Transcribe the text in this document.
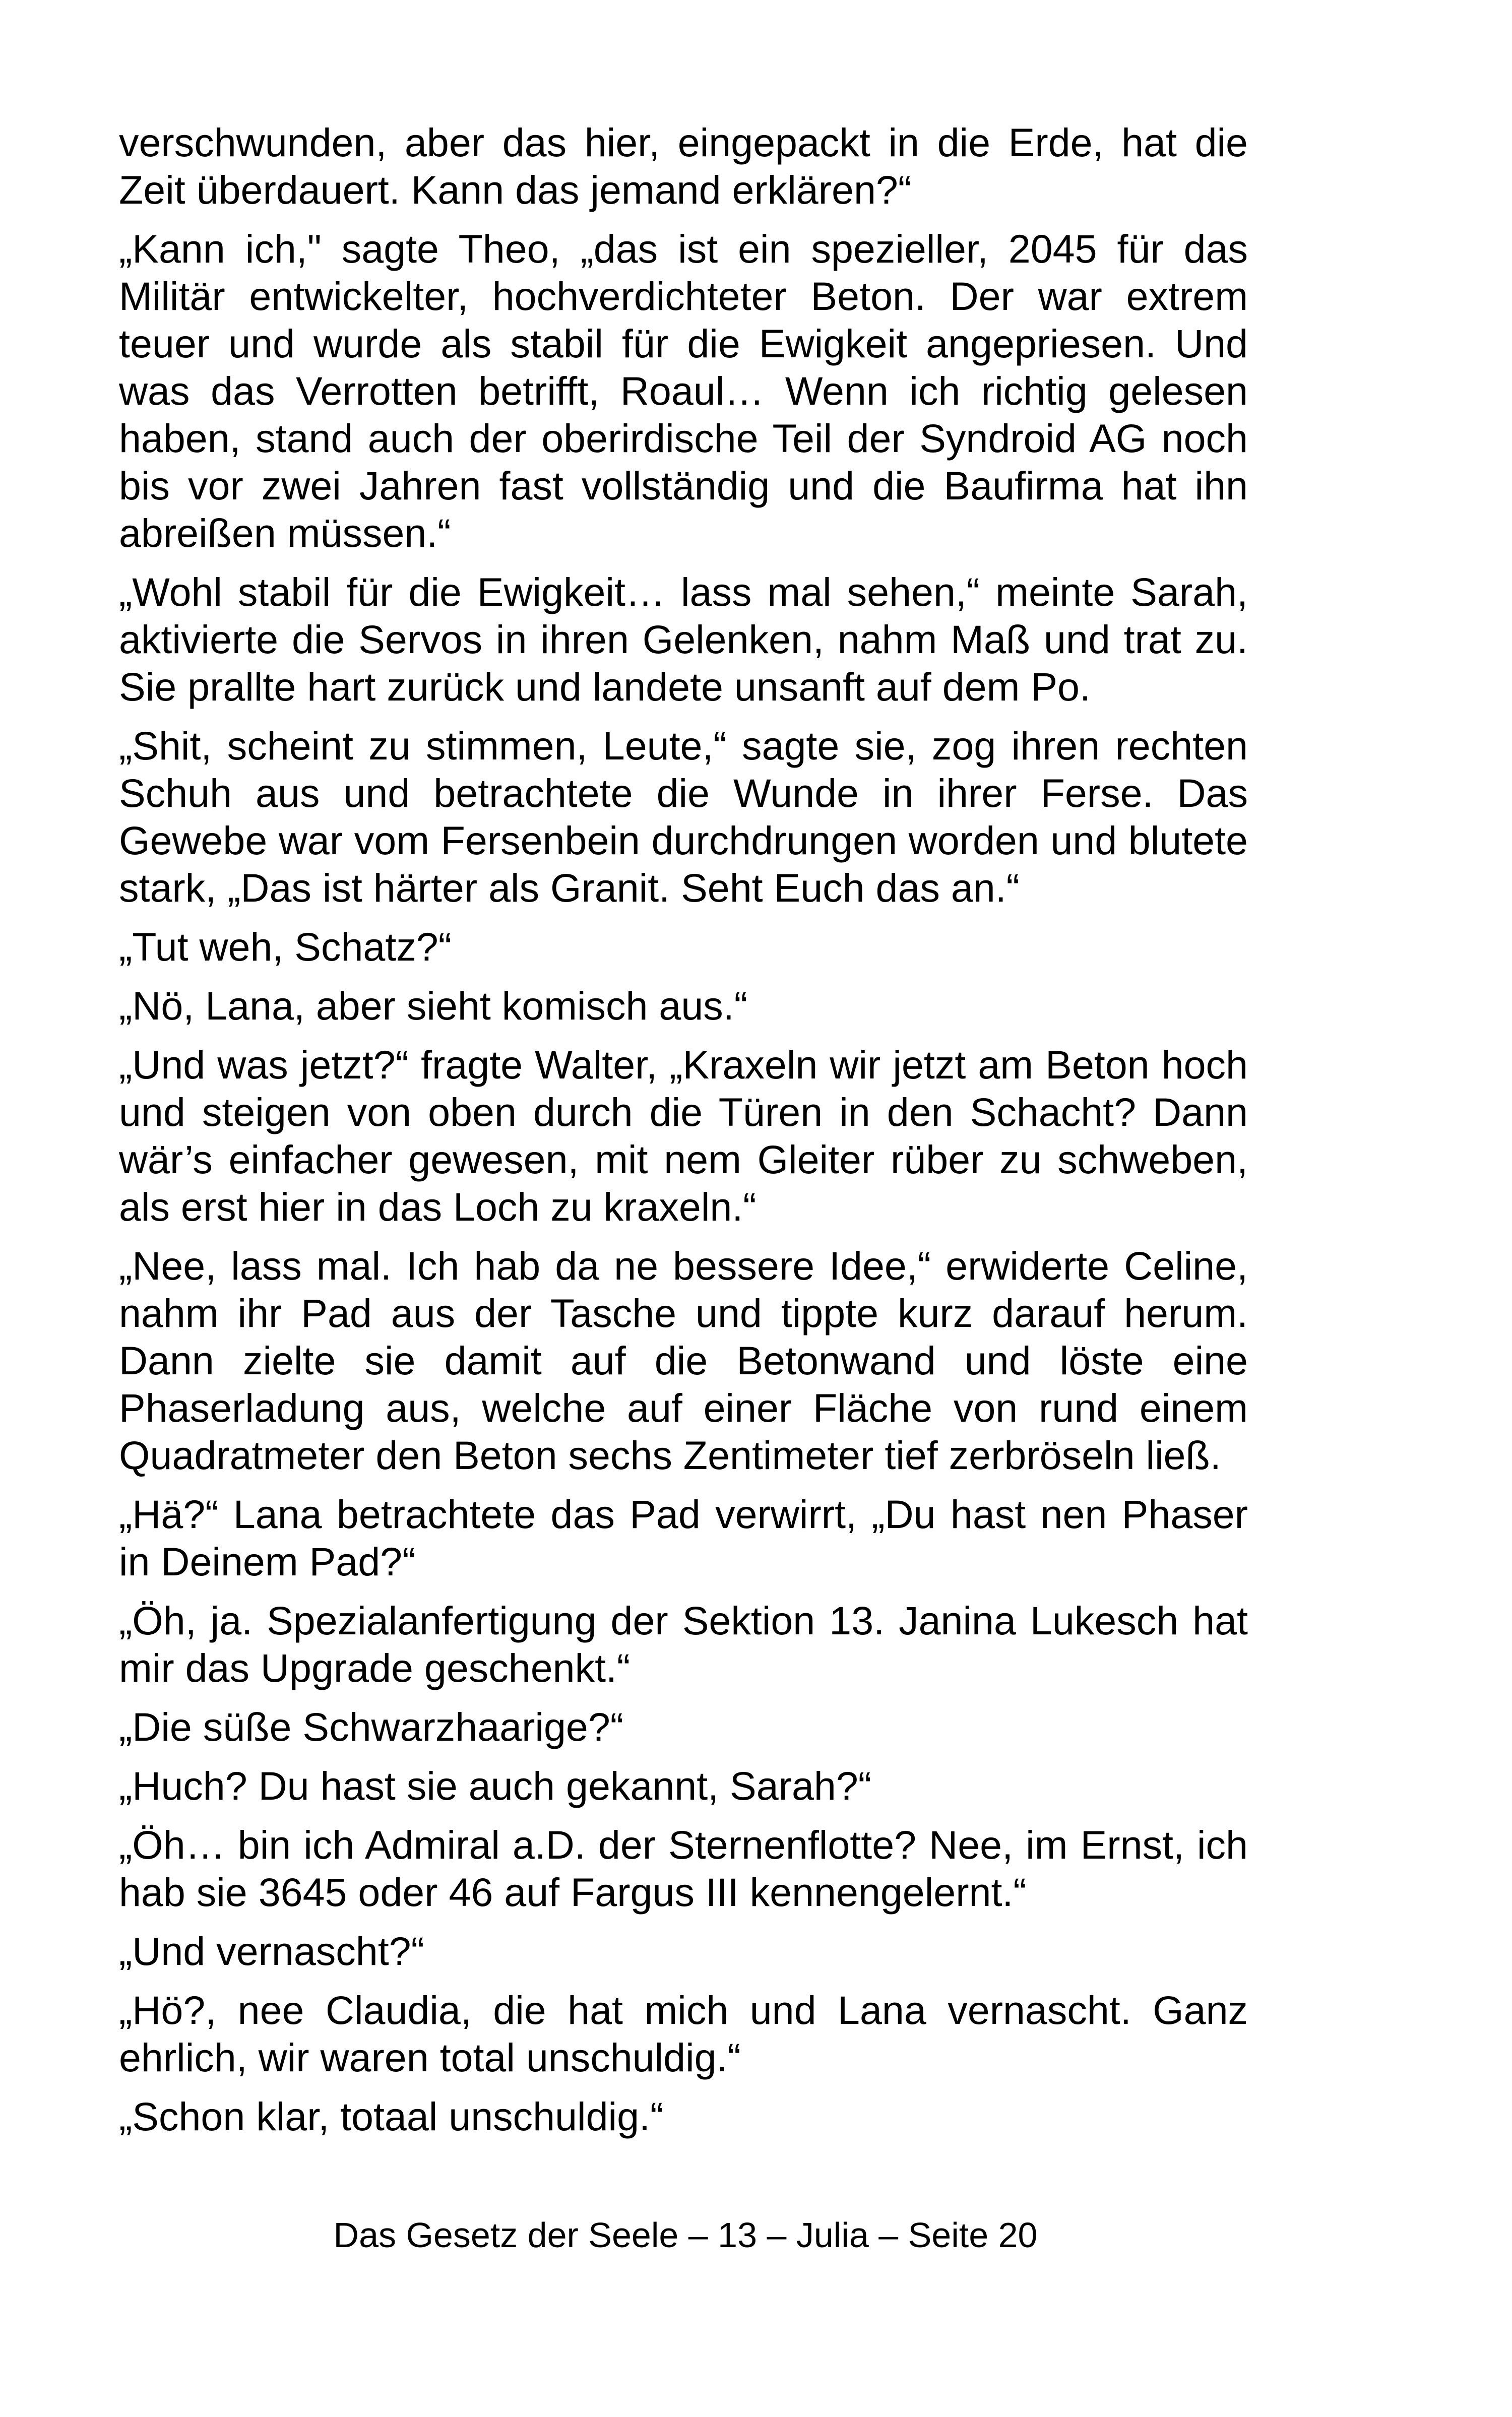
verschwunden, aber das hier, eingepackt in die Erde, hat die Zeit überdauert. Kann das jemand erklären?“

„Kann ich," sagte Theo, „das ist ein spezieller, 2045 für das Militär entwickelter, hochverdichteter Beton. Der war extrem teuer und wurde als stabil für die Ewigkeit angepriesen. Und was das Verrotten betrifft, Roaul… Wenn ich richtig gelesen haben, stand auch der oberirdische Teil der Syndroid AG noch bis vor zwei Jahren fast vollständig und die Baufirma hat ihn abreißen müssen.“

„Wohl stabil für die Ewigkeit… lass mal sehen,“ meinte Sarah, aktivierte die Servos in ihren Gelenken, nahm Maß und trat zu. Sie prallte hart zurück und landete unsanft auf dem Po.

„Shit, scheint zu stimmen, Leute,“ sagte sie, zog ihren rechten Schuh aus und betrachtete die Wunde in ihrer Ferse. Das Gewebe war vom Fersenbein durchdrungen worden und blutete stark, „Das ist härter als Granit. Seht Euch das an.“

„Tut weh, Schatz?“

„Nö, Lana, aber sieht komisch aus.“

„Und was jetzt?“ fragte Walter, „Kraxeln wir jetzt am Beton hoch und steigen von oben durch die Türen in den Schacht? Dann wär’s einfacher gewesen, mit nem Gleiter rüber zu schweben, als erst hier in das Loch zu kraxeln.“

„Nee, lass mal. Ich hab da ne bessere Idee,“ erwiderte Celine, nahm ihr Pad aus der Tasche und tippte kurz darauf herum. Dann zielte sie damit auf die Betonwand und löste eine Phaserladung aus, welche auf einer Fläche von rund einem Quadratmeter den Beton sechs Zentimeter tief zerbröseln ließ.

„Hä?“ Lana betrachtete das Pad verwirrt, „Du hast nen Phaser in Deinem Pad?“

„Öh, ja. Spezialanfertigung der Sektion 13. Janina Lukesch hat mir das Upgrade geschenkt.“

„Die süße Schwarzhaarige?“

„Huch? Du hast sie auch gekannt, Sarah?“

„Öh… bin ich Admiral a.D. der Sternenflotte? Nee, im Ernst, ich hab sie 3645 oder 46 auf Fargus III kennengelernt.“

„Und vernascht?“

„Hö?, nee Claudia, die hat mich und Lana vernascht. Ganz ehrlich, wir waren total unschuldig.“

„Schon klar, totaal unschuldig.“

Das Gesetz der Seele – 13 – Julia – Seite 20
